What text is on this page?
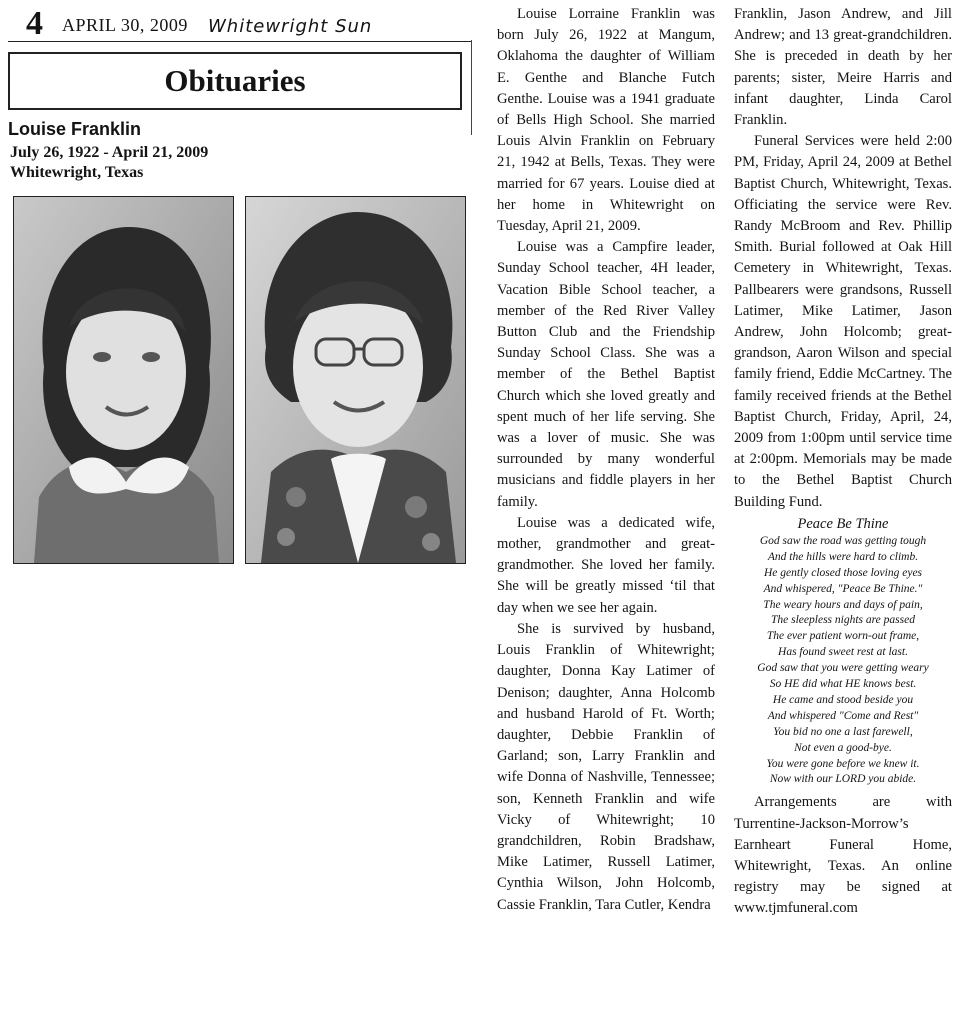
4 APRIL 30, 2009 Whitewright Sun
Obituaries
Louise Franklin
July 26, 1922 - April 21, 2009
Whitewright, Texas

Louise Lorraine Franklin was born July 26, 1922 at Mangum, Oklahoma the daughter of William E. Genthe and Blanche Futch Genthe. Louise was a 1941 graduate of Bells High School. She married Louis Alvin Franklin on February 21, 1942 at Bells, Texas. They were married for 67 years. Louise died at her home in Whitewright on Tuesday, April 21, 2009.

Louise was a Campfire leader, Sunday School teacher, 4H leader, Vacation Bible School teacher, a member of the Red River Valley Button Club and the Friendship Sunday School Class. She was a member of the Bethel Baptist Church which she loved greatly and spent much of her life serving. She was a lover of music. She was surrounded by many wonderful musicians and fiddle players in her family.

Louise was a dedicated wife, mother, grandmother and great-grandmother. She loved her family. She will be greatly missed ‘til that day when we see her again.

She is survived by husband, Louis Franklin of Whitewright; daughter, Donna Kay Latimer of Denison; daughter, Anna Holcomb and husband Harold of Ft. Worth; daughter, Debbie Franklin of Garland; son, Larry Franklin and wife Donna of Nashville, Tennessee; son, Kenneth Franklin and wife Vicky of Whitewright; 10 grandchildren, Robin Bradshaw, Mike Latimer, Russell Latimer, Cynthia Wilson, John Holcomb, Cassie Franklin, Tara Cutler, Kendra

Franklin, Jason Andrew, and Jill Andrew; and 13 great-grandchildren. She is preceded in death by her parents; sister, Meire Harris and infant daughter, Linda Carol Franklin.

Funeral Services were held 2:00 PM, Friday, April 24, 2009 at Bethel Baptist Church, Whitewright, Texas. Officiating the service were Rev. Randy McBroom and Rev. Phillip Smith. Burial followed at Oak Hill Cemetery in Whitewright, Texas. Pallbearers were grandsons, Russell Latimer, Mike Latimer, Jason Andrew, John Holcomb; great-grandson, Aaron Wilson and special family friend, Eddie McCartney. The family received friends at the Bethel Baptist Church, Friday, April, 24, 2009 from 1:00pm until service time at 2:00pm. Memorials may be made to the Bethel Baptist Church Building Fund.

Peace Be Thine
God saw the road was getting tough
And the hills were hard to climb.
He gently closed those loving eyes
And whispered, "Peace Be Thine."
The weary hours and days of pain,
The sleepless nights are passed
The ever patient worn-out frame,
Has found sweet rest at last.
God saw that you were getting weary
So HE did what HE knows best.
He came and stood beside you
And whispered "Come and Rest"
You bid no one a last farewell,
Not even a good-bye.
You were gone before we knew it.
Now with our LORD you abide.

Arrangements are with Turrentine-Jackson-Morrow’s Earnheart Funeral Home, Whitewright, Texas. An online registry may be signed at www.tjmfuneral.com
